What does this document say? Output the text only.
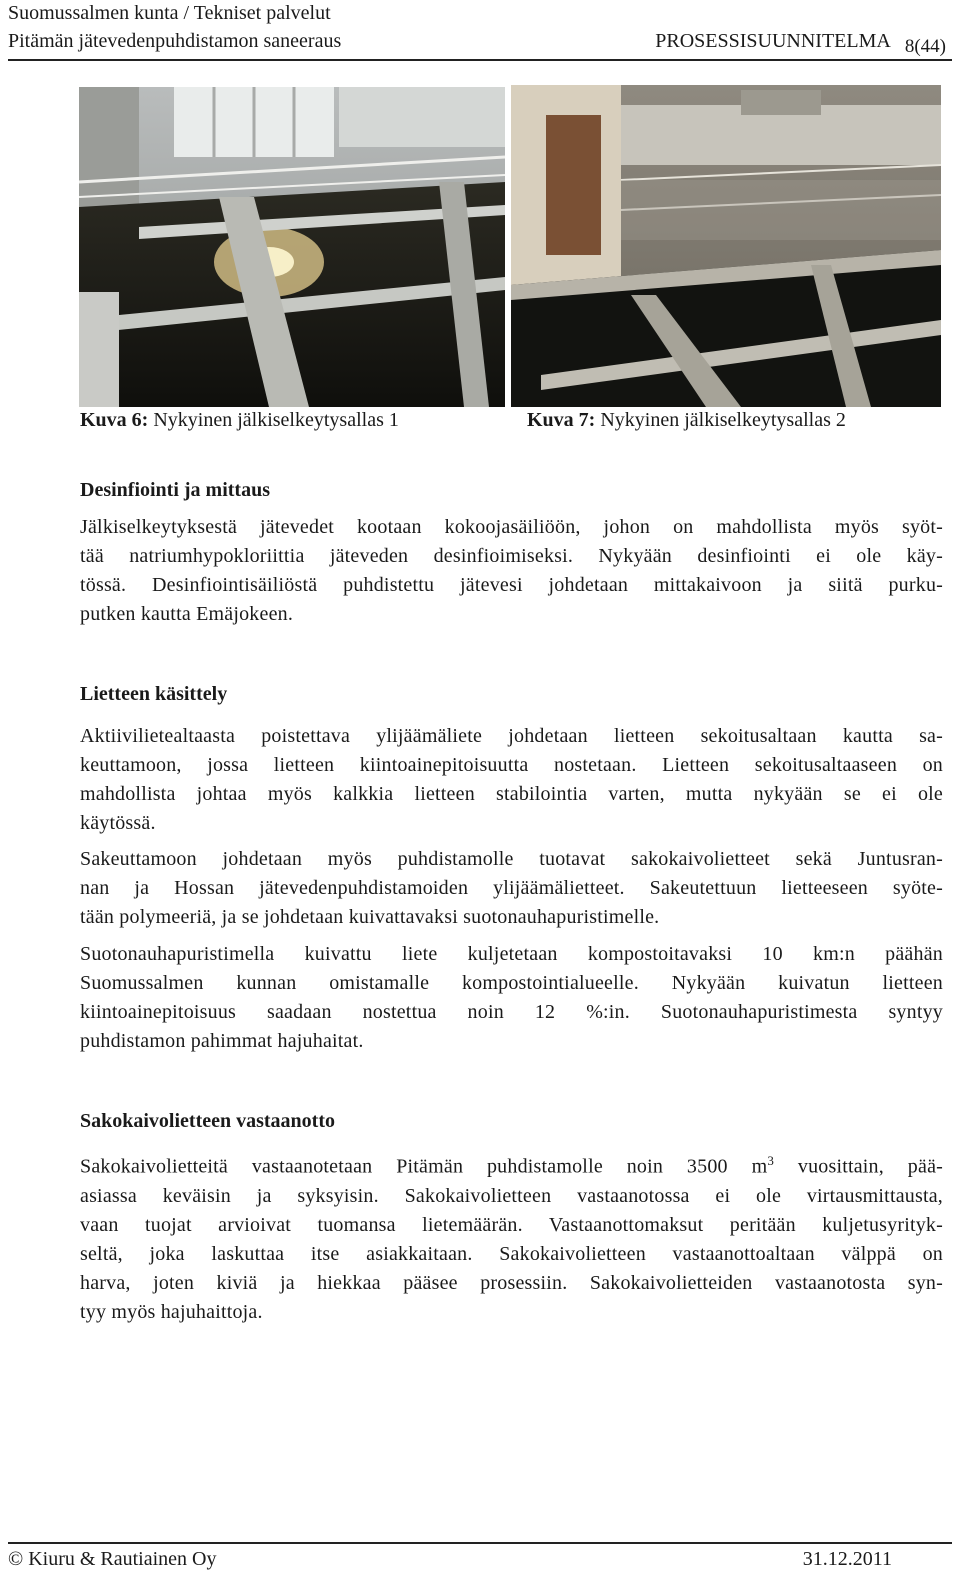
Suomussalmen kunta / Tekniset palvelut
Pitämän jätevedenpuhdistamon saneeraus	PROSESSISUUNNITELMA 8(44)
Kuva 6: Nykyinen jälkiselkeytysallas 1	Kuva 7: Nykyinen jälkiselkeytysallas 2
Desinfiointi ja mittaus
Jälkiselkeytyksestä jätevedet kootaan kokoojasäiliöön, johon on mahdollista myös syöt-
tää natriumhypokloriittia jäteveden desinfioimiseksi. Nykyään desinfiointi ei ole käy-
tössä. Desinfiointisäiliöstä puhdistettu jätevesi johdetaan mittakaivoon ja siitä purku-
putken kautta Emäjokeen.
Lietteen käsittely
Aktiivilietealtaasta poistettava ylijäämäliete johdetaan lietteen sekoitusaltaan kautta sa-
keuttamoon, jossa lietteen kiintoainepitoisuutta nostetaan. Lietteen sekoitusaltaaseen on
mahdollista johtaa myös kalkkia lietteen stabilointia varten, mutta nykyään se ei ole
käytössä.
Sakeuttamoon johdetaan myös puhdistamolle tuotavat sakokaivolietteet sekä Juntusran-
nan ja Hossan jätevedenpuhdistamoiden ylijäämälietteet. Sakeutettuun lietteeseen syöte-
tään polymeeriä, ja se johdetaan kuivattavaksi suotonauhapuristimelle.
Suotonauhapuristimella kuivattu liete kuljetetaan kompostoitavaksi 10 km:n päähän
Suomussalmen kunnan omistamalle kompostointialueelle. Nykyään kuivatun lietteen
kiintoainepitoisuus saadaan nostettua noin 12 %:in. Suotonauhapuristimesta syntyy
puhdistamon pahimmat hajuhaitat.
Sakokaivolietteen vastaanotto
Sakokaivolietteitä vastaanotetaan Pitämän puhdistamolle noin 3500 $m^3$ vuosittain, pää-
asiassa keväisin ja syksyisin. Sakokaivolietteen vastaanotossa ei ole virtausmittausta,
vaan tuojat arvioivat tuomansa lietemäärän. Vastaanottomaksut peritään kuljetusyrityk-
seltä, joka laskuttaa itse asiakkaitaan. Sakokaivolietteen vastaanottoaltaan välppä on
harva, joten kiviä ja hiekkaa pääsee prosessiin. Sakokaivolietteiden vastaanotosta syn-
tyy myös hajuhaittoja.
© Kiuru & Rautiainen Oy	31.12.2011
